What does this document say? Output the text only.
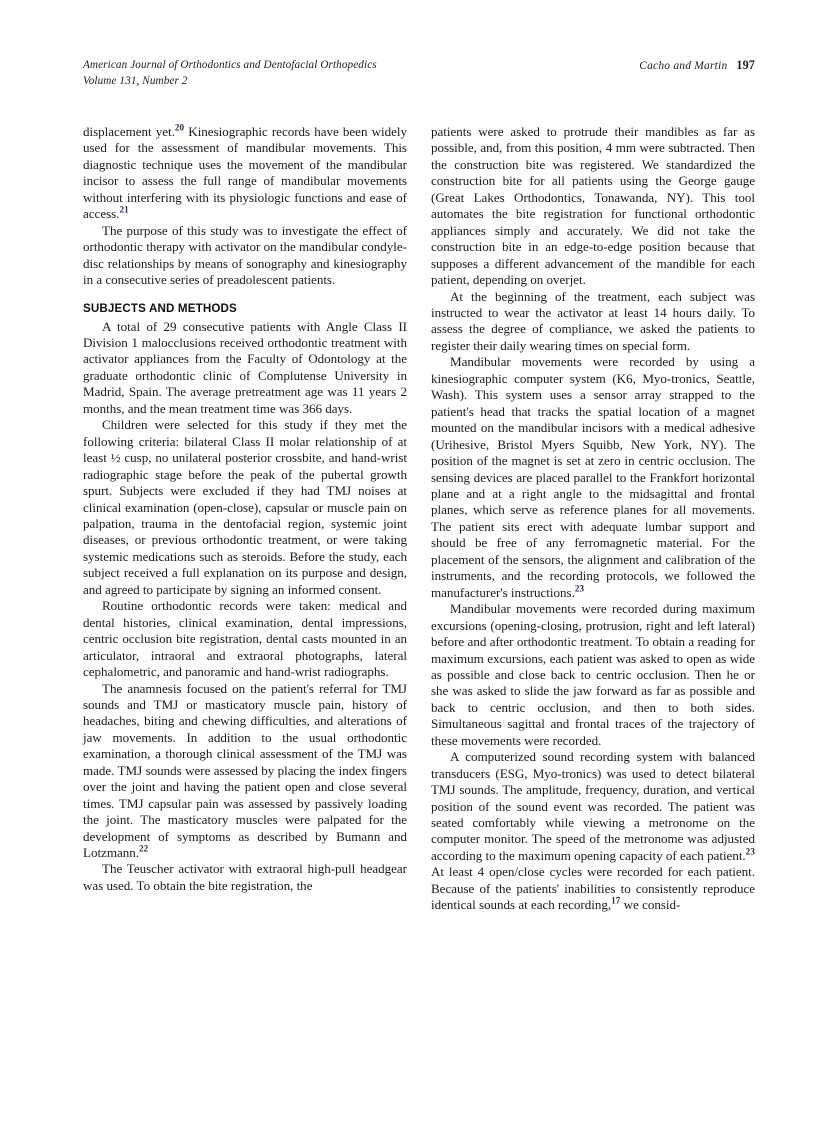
American Journal of Orthodontics and Dentofacial Orthopedics
Volume 131, Number 2
Cacho and Martin 197

displacement yet.$^{20}$ Kinesiographic records have been widely used for the assessment of mandibular movements. This diagnostic technique uses the movement of the mandibular incisor to assess the full range of mandibular movements without interfering with its physiologic functions and ease of access.$^{21}$

The purpose of this study was to investigate the effect of orthodontic therapy with activator on the mandibular condyle-disc relationships by means of sonography and kinesiography in a consecutive series of preadolescent patients.

SUBJECTS AND METHODS

A total of 29 consecutive patients with Angle Class II Division 1 malocclusions received orthodontic treatment with activator appliances from the Faculty of Odontology at the graduate orthodontic clinic of Complutense University in Madrid, Spain. The average pretreatment age was 11 years 2 months, and the mean treatment time was 366 days.

Children were selected for this study if they met the following criteria: bilateral Class II molar relationship of at least ½ cusp, no unilateral posterior crossbite, and hand-wrist radiographic stage before the peak of the pubertal growth spurt. Subjects were excluded if they had TMJ noises at clinical examination (open-close), capsular or muscle pain on palpation, trauma in the dentofacial region, systemic joint diseases, or previous orthodontic treatment, or were taking systemic medications such as steroids. Before the study, each subject received a full explanation on its purpose and design, and agreed to participate by signing an informed consent.

Routine orthodontic records were taken: medical and dental histories, clinical examination, dental impressions, centric occlusion bite registration, dental casts mounted in an articulator, intraoral and extraoral photographs, lateral cephalometric, and panoramic and hand-wrist radiographs.

The anamnesis focused on the patient's referral for TMJ sounds and TMJ or masticatory muscle pain, history of headaches, biting and chewing difficulties, and alterations of jaw movements. In addition to the usual orthodontic examination, a thorough clinical assessment of the TMJ was made. TMJ sounds were assessed by placing the index fingers over the joint and having the patient open and close several times. TMJ capsular pain was assessed by passively loading the joint. The masticatory muscles were palpated for the development of symptoms as described by Bumann and Lotzmann.$^{22}$

The Teuscher activator with extraoral high-pull headgear was used. To obtain the bite registration, the

patients were asked to protrude their mandibles as far as possible, and, from this position, 4 mm were subtracted. Then the construction bite was registered. We standardized the construction bite for all patients using the George gauge (Great Lakes Orthodontics, Tonawanda, NY). This tool automates the bite registration for functional orthodontic appliances simply and accurately. We did not take the construction bite in an edge-to-edge position because that supposes a different advancement of the mandible for each patient, depending on overjet.

At the beginning of the treatment, each subject was instructed to wear the activator at least 14 hours daily. To assess the degree of compliance, we asked the patients to register their daily wearing times on special form.

Mandibular movements were recorded by using a kinesiographic computer system (K6, Myo-tronics, Seattle, Wash). This system uses a sensor array strapped to the patient's head that tracks the spatial location of a magnet mounted on the mandibular incisors with a medical adhesive (Urihesive, Bristol Myers Squibb, New York, NY). The position of the magnet is set at zero in centric occlusion. The sensing devices are placed parallel to the Frankfort horizontal plane and at a right angle to the midsagittal and frontal planes, which serve as reference planes for all movements. The patient sits erect with adequate lumbar support and should be free of any ferromagnetic material. For the placement of the sensors, the alignment and calibration of the instruments, and the recording protocols, we followed the manufacturer's instructions.$^{23}$

Mandibular movements were recorded during maximum excursions (opening-closing, protrusion, right and left lateral) before and after orthodontic treatment. To obtain a reading for maximum excursions, each patient was asked to open as wide as possible and close back to centric occlusion. Then he or she was asked to slide the jaw forward as far as possible and back to centric occlusion, and then to both sides. Simultaneous sagittal and frontal traces of the trajectory of these movements were recorded.

A computerized sound recording system with balanced transducers (ESG, Myo-tronics) was used to detect bilateral TMJ sounds. The amplitude, frequency, duration, and vertical position of the sound event was recorded. The patient was seated comfortably while viewing a metronome on the computer monitor. The speed of the metronome was adjusted according to the maximum opening capacity of each patient.$^{23}$ At least 4 open/close cycles were recorded for each patient. Because of the patients' inabilities to consistently reproduce identical sounds at each recording,$^{17}$ we consid-
